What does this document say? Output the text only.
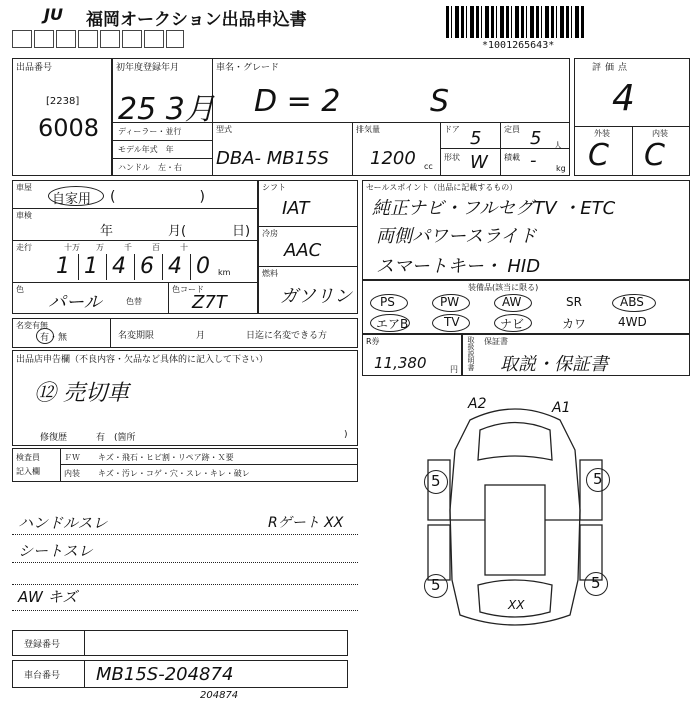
JU 福岡オークション出品申込書
*1001265643*
出品番号
[2238]
6008
初年度登録年月
25 3月
車名・グレード
D = 2	S
ディーラー・並行
モデル年式　年
ハンドル　左・右
型式
DBA- MB15S
排気量
1200 cc
ドア 5	定員 5 人
形状 W 積載 - kg
評価点
4
外装	内装
C C
車屋
自家用 (　　　　　　)
車検
年	月(	日)
走行	十万 万	千	百	十
1 1 4 6 4 0 km
色
パール	色替
色コード
Z7T
シフト
IAT
冷房
AAC
燃料
ガソリン
セールスポイント（出品に記載するもの）
純正ナビ・フルセグTV ・ETC
両側パワースライド
スマートキー・ HID
装備品(該当に限る)
PS	PW	AW	SR	ABS
エアB	TV	ナビ	カワ	4WD
名変有無
有・無	名変期限	月	日迄に名変できる方
R券
11,380	円 取扱説明書 保証書
取説・保証書
出品店申告欄（不良内容・欠品など具体的に記入して下さい）
⑫ 売切車
修復歴	有　(箇所	)
検査員
記入欄
ＦＷ キズ・飛石・ヒビ割・リペア跡・Ｘ要
内装 キズ・汚レ・コゲ・穴・スレ・キレ・破レ
ハンドルスレ	Rゲート XX
シートスレ
AW キズ
A2	A1
5	5
5	5
XX
登録番号
車台番号 MB15S-204874
204874
